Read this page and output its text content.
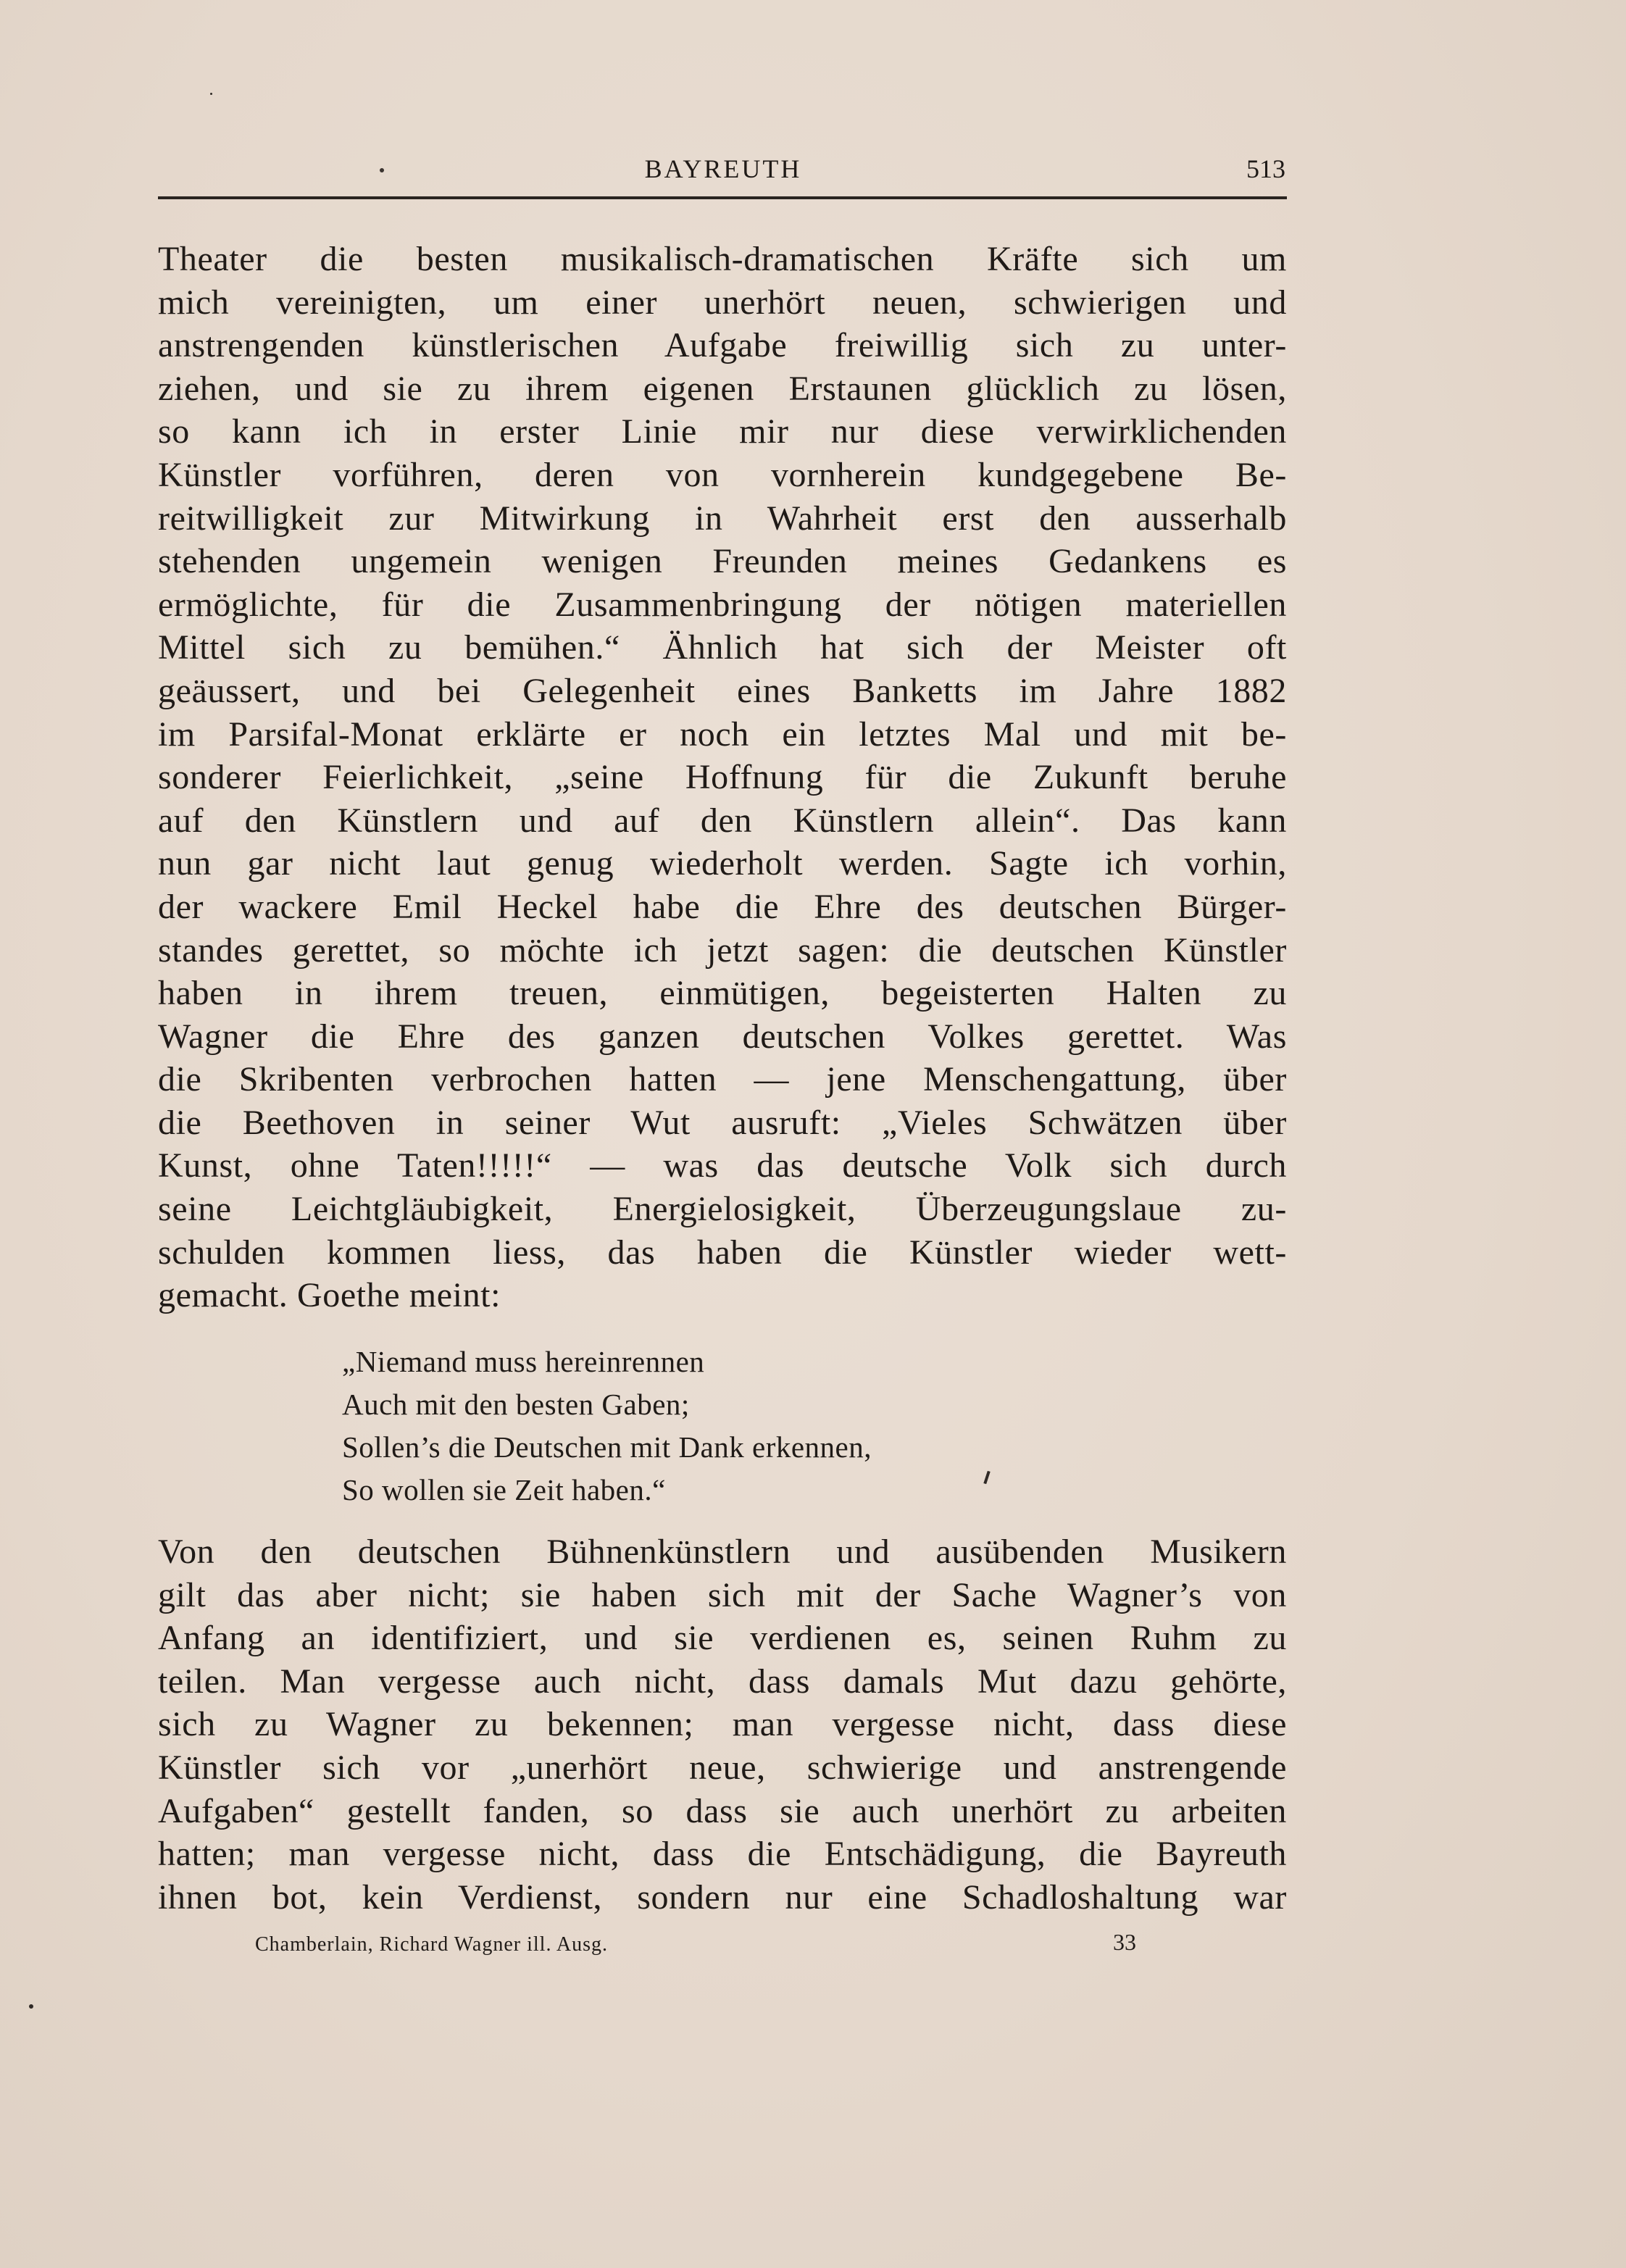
BAYREUTH	513
Theater die besten musikalisch-dramatischen Kräfte sich um
mich vereinigten, um einer unerhört neuen, schwierigen und
anstrengenden künstlerischen Aufgabe freiwillig sich zu unter-
ziehen, und sie zu ihrem eigenen Erstaunen glücklich zu lösen,
so kann ich in erster Linie mir nur diese verwirklichenden
Künstler vorführen, deren von vornherein kundgegebene Be-
reitwilligkeit zur Mitwirkung in Wahrheit erst den ausserhalb
stehenden ungemein wenigen Freunden meines Gedankens es
ermöglichte, für die Zusammenbringung der nötigen materiellen
Mittel sich zu bemühen.“ Ähnlich hat sich der Meister oft
geäussert, und bei Gelegenheit eines Banketts im Jahre 1882
im Parsifal-Monat erklärte er noch ein letztes Mal und mit be-
sonderer Feierlichkeit, „seine Hoffnung für die Zukunft beruhe
auf den Künstlern und auf den Künstlern allein“. Das kann
nun gar nicht laut genug wiederholt werden. Sagte ich vorhin,
der wackere Emil Heckel habe die Ehre des deutschen Bürger-
standes gerettet, so möchte ich jetzt sagen: die deutschen Künstler
haben in ihrem treuen, einmütigen, begeisterten Halten zu
Wagner die Ehre des ganzen deutschen Volkes gerettet. Was
die Skribenten verbrochen hatten — jene Menschengattung, über
die Beethoven in seiner Wut ausruft: „Vieles Schwätzen über
Kunst, ohne Taten!!!!!“ — was das deutsche Volk sich durch
seine Leichtgläubigkeit, Energielosigkeit, Überzeugungslaue zu-
schulden kommen liess, das haben die Künstler wieder wett-
gemacht. Goethe meint:
„Niemand muss hereinrennen
Auch mit den besten Gaben;
Sollen’s die Deutschen mit Dank erkennen,
So wollen sie Zeit haben.“
Von den deutschen Bühnenkünstlern und ausübenden Musikern
gilt das aber nicht; sie haben sich mit der Sache Wagner’s von
Anfang an identifiziert, und sie verdienen es, seinen Ruhm zu
teilen. Man vergesse auch nicht, dass damals Mut dazu gehörte,
sich zu Wagner zu bekennen; man vergesse nicht, dass diese
Künstler sich vor „unerhört neue, schwierige und anstrengende
Aufgaben“ gestellt fanden, so dass sie auch unerhört zu arbeiten
hatten; man vergesse nicht, dass die Entschädigung, die Bayreuth
ihnen bot, kein Verdienst, sondern nur eine Schadloshaltung war
Chamberlain, Richard Wagner ill. Ausg.	33
